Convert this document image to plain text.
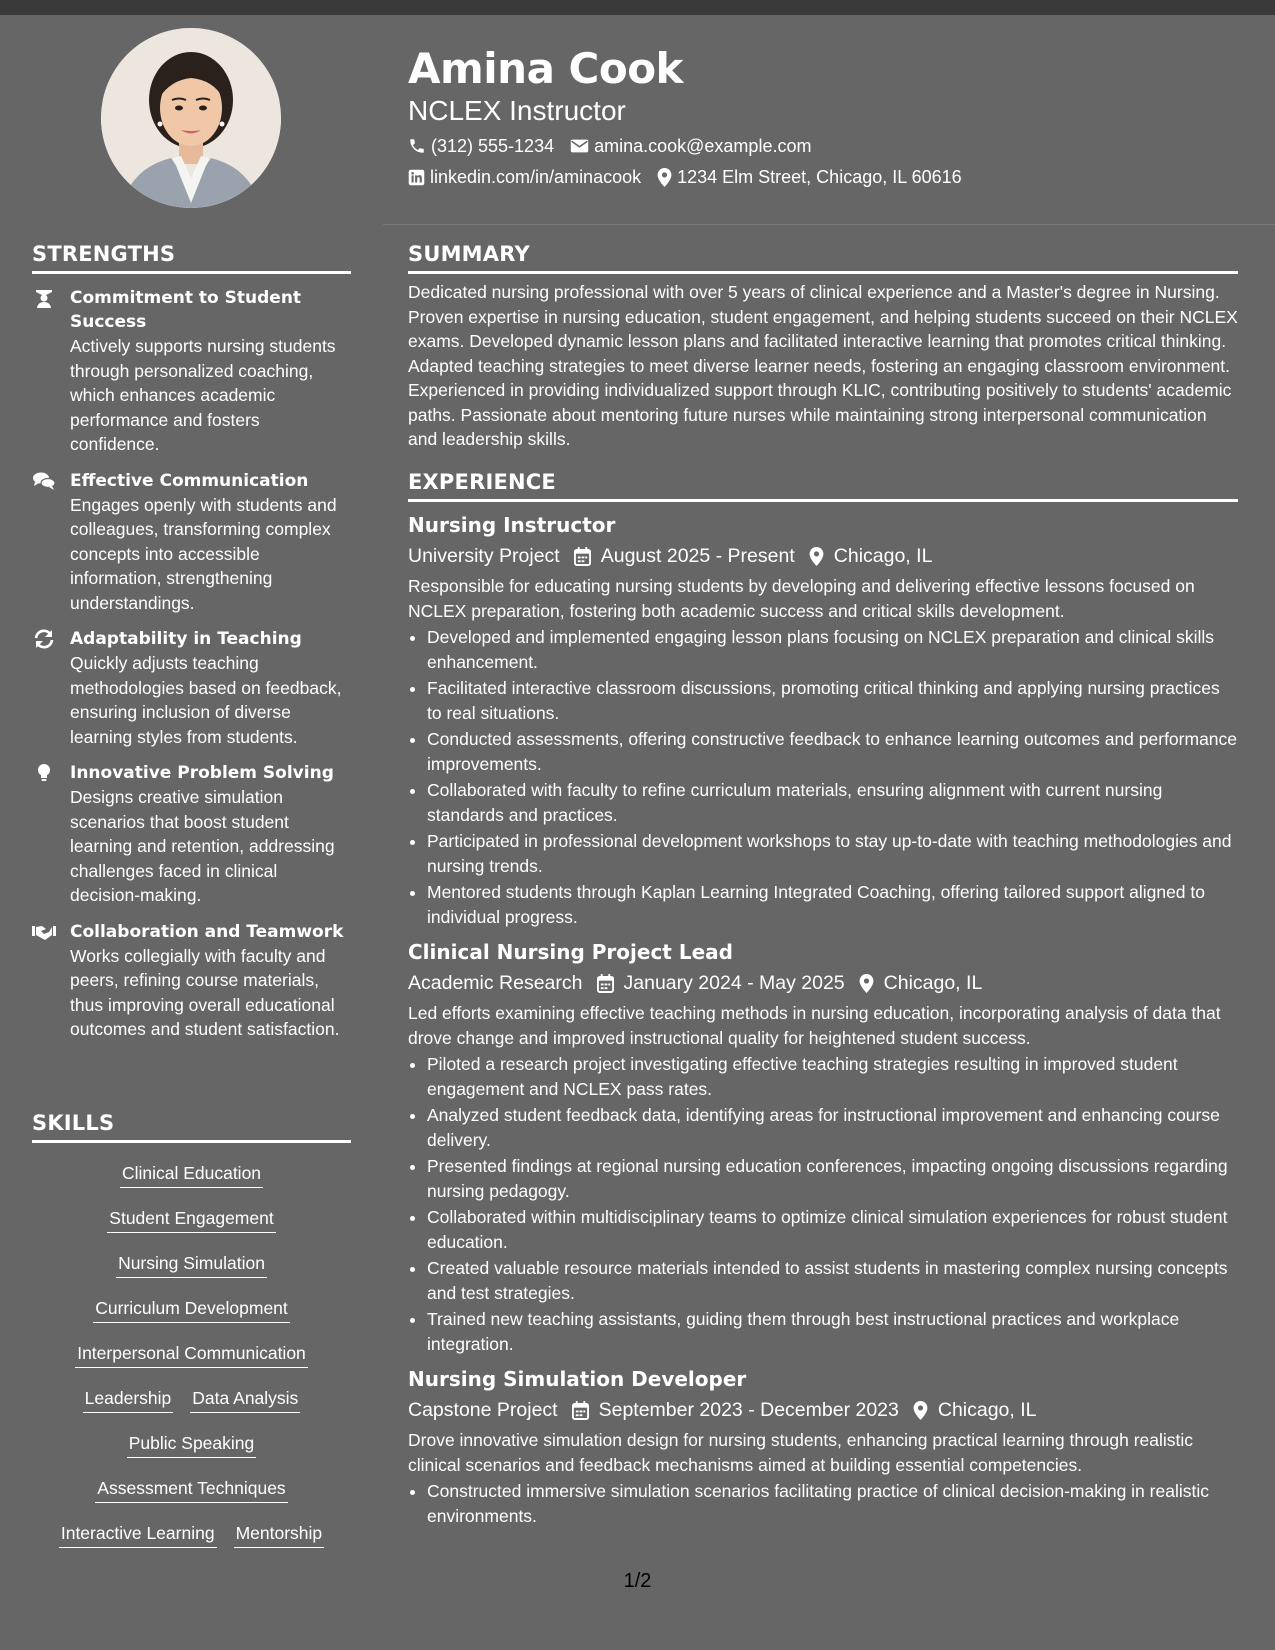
Amina Cook
NCLEX Instructor
(312) 555-1234 amina.cook@example.com
linkedin.com/in/aminacook 1234 Elm Street, Chicago, IL 60616
STRENGTHS
Commitment to Student Success
Actively supports nursing students through personalized coaching, which enhances academic performance and fosters confidence.
Effective Communication
Engages openly with students and colleagues, transforming complex concepts into accessible information, strengthening understandings.
Adaptability in Teaching
Quickly adjusts teaching methodologies based on feedback, ensuring inclusion of diverse learning styles from students.
Innovative Problem Solving
Designs creative simulation scenarios that boost student learning and retention, addressing challenges faced in clinical decision-making.
Collaboration and Teamwork
Works collegially with faculty and peers, refining course materials, thus improving overall educational outcomes and student satisfaction.
SKILLS
Clinical Education
Student Engagement
Nursing Simulation
Curriculum Development
Interpersonal Communication
Leadership Data Analysis
Public Speaking
Assessment Techniques
Interactive Learning Mentorship
SUMMARY

Dedicated nursing professional with over 5 years of clinical experience and a Master's degree in Nursing. Proven expertise in nursing education, student engagement, and helping students succeed on their NCLEX exams. Developed dynamic lesson plans and facilitated interactive learning that promotes critical thinking. Adapted teaching strategies to meet diverse learner needs, fostering an engaging classroom environment. Experienced in providing individualized support through KLIC, contributing positively to students' academic paths. Passionate about mentoring future nurses while maintaining strong interpersonal communication and leadership skills.

EXPERIENCE
Nursing Instructor
University Project August 2025 - Present Chicago, IL
Responsible for educating nursing students by developing and delivering effective lessons focused on NCLEX preparation, fostering both academic success and critical skills development.
• Developed and implemented engaging lesson plans focusing on NCLEX preparation and clinical skills enhancement.
• Facilitated interactive classroom discussions, promoting critical thinking and applying nursing practices to real situations.
• Conducted assessments, offering constructive feedback to enhance learning outcomes and performance improvements.
• Collaborated with faculty to refine curriculum materials, ensuring alignment with current nursing standards and practices.
• Participated in professional development workshops to stay up-to-date with teaching methodologies and nursing trends.
• Mentored students through Kaplan Learning Integrated Coaching, offering tailored support aligned to individual progress.
Clinical Nursing Project Lead
Academic Research January 2024 - May 2025 Chicago, IL
Led efforts examining effective teaching methods in nursing education, incorporating analysis of data that drove change and improved instructional quality for heightened student success.
• Piloted a research project investigating effective teaching strategies resulting in improved student engagement and NCLEX pass rates.
• Analyzed student feedback data, identifying areas for instructional improvement and enhancing course delivery.
• Presented findings at regional nursing education conferences, impacting ongoing discussions regarding nursing pedagogy.
• Collaborated within multidisciplinary teams to optimize clinical simulation experiences for robust student education.
• Created valuable resource materials intended to assist students in mastering complex nursing concepts and test strategies.
• Trained new teaching assistants, guiding them through best instructional practices and workplace integration.
Nursing Simulation Developer
Capstone Project September 2023 - December 2023 Chicago, IL
Drove innovative simulation design for nursing students, enhancing practical learning through realistic clinical scenarios and feedback mechanisms aimed at building essential competencies.
• Constructed immersive simulation scenarios facilitating practice of clinical decision-making in realistic environments.
1/2
